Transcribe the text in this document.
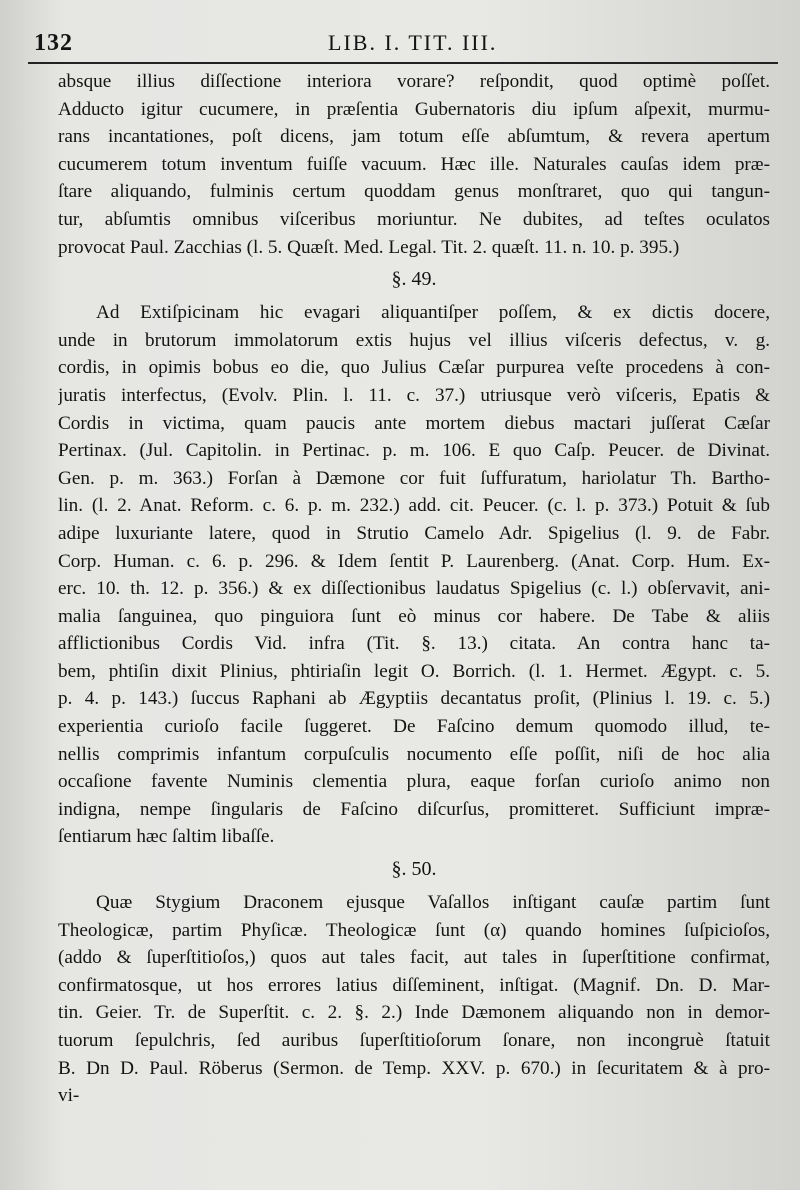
132	LIB. I. TIT. III.

absque illius diſſectione interiora vorare? reſpondit, quod optimè poſſet.

Adducto igitur cucumere, in præſentia Gubernatoris diu ipſum aſpexit, murmu-

rans incantationes, poſt dicens, jam totum eſſe abſumtum, & revera apertum

cucumerem totum inventum fuiſſe vacuum. Hæc ille. Naturales cauſas idem præ-

ſtare aliquando, fulminis certum quoddam genus monſtraret, quo qui tangun-

tur, abſumtis omnibus viſceribus moriuntur. Ne dubites, ad teſtes oculatos

provocat Paul. Zacchias (l. 5. Quæſt. Med. Legal. Tit. 2. quæſt. 11. n. 10. p. 395.)

§. 49.

Ad Extiſpicinam hic evagari aliquantiſper poſſem, & ex dictis docere,

unde in brutorum immolatorum extis hujus vel illius viſceris defectus, v. g.

cordis, in opimis bobus eo die, quo Julius Cæſar purpurea veſte procedens à con-

juratis interfectus, (Evolv. Plin. l. 11. c. 37.) utriusque verò viſceris, Epatis &

Cordis in victima, quam paucis ante mortem diebus mactari juſſerat Cæſar

Pertinax. (Jul. Capitolin. in Pertinac. p. m. 106. E quo Caſp. Peucer. de Divinat.

Gen. p. m. 363.) Forſan à Dæmone cor fuit ſuffuratum, hariolatur Th. Bartho-

lin. (l. 2. Anat. Reform. c. 6. p. m. 232.) add. cit. Peucer. (c. l. p. 373.) Potuit & ſub

adipe luxuriante latere, quod in Strutio Camelo Adr. Spigelius (l. 9. de Fabr.

Corp. Human. c. 6. p. 296. & Idem ſentit P. Laurenberg. (Anat. Corp. Hum. Ex-

erc. 10. th. 12. p. 356.) & ex diſſectionibus laudatus Spigelius (c. l.) obſervavit, ani-

malia ſanguinea, quo pinguiora ſunt eò minus cor habere. De Tabe & aliis

afflictionibus Cordis Vid. infra (Tit. §. 13.) citata. An contra hanc ta-

bem, phtiſin dixit Plinius, phtiriaſin legit O. Borrich. (l. 1. Hermet. Ægypt. c. 5.

p. 4. p. 143.) ſuccus Raphani ab Ægyptiis decantatus proſit, (Plinius l. 19. c. 5.)

experientia curioſo facile ſuggeret. De Faſcino demum quomodo illud, te-

nellis comprimis infantum corpuſculis nocumento eſſe poſſit, niſi de hoc alia

occaſione favente Numinis clementia plura, eaque forſan curioſo animo non

indigna, nempe ſingularis de Faſcino diſcurſus, promitteret. Sufficiunt impræ-

ſentiarum hæc ſaltim libaſſe.

§. 50.

Quæ Stygium Draconem ejusque Vaſallos inſtigant cauſæ partim ſunt

Theologicæ, partim Phyſicæ. Theologicæ ſunt (α) quando homines ſuſpicioſos,

(addo & ſuperſtitioſos,) quos aut tales facit, aut tales in ſuperſtitione confirmat,

confirmatosque, ut hos errores latius diſſeminent, inſtigat. (Magnif. Dn. D. Mar-

tin. Geier. Tr. de Superſtit. c. 2. §. 2.) Inde Dæmonem aliquando non in demor-

tuorum ſepulchris, ſed auribus ſuperſtitioſorum ſonare, non incongruè ſtatuit

B. Dn D. Paul. Röberus (Sermon. de Temp. XXV. p. 670.) in ſecuritatem & à pro-

vi-
